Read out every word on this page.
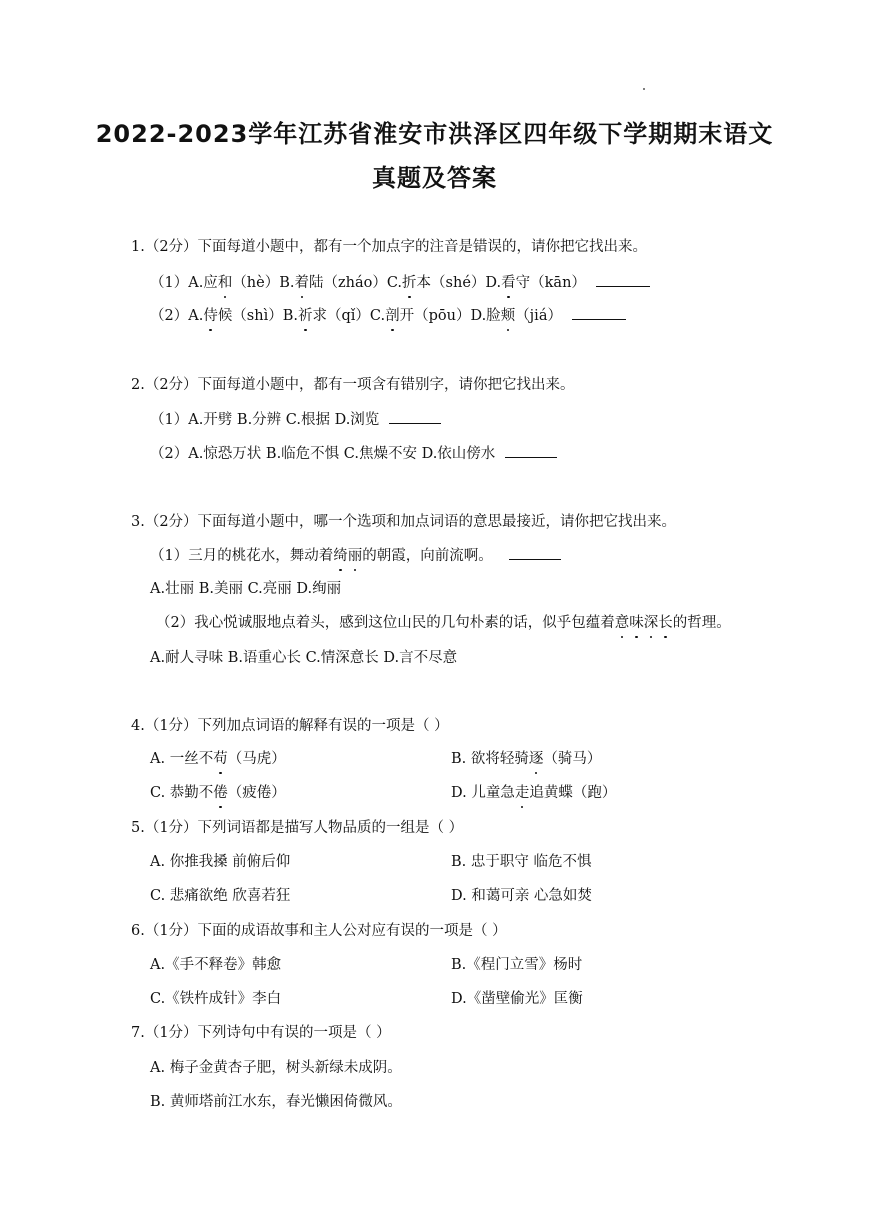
2022-2023学年江苏省淮安市洪泽区四年级下学期期末语文
真题及答案
1.（2分）下面每道小题中，都有一个加点字的注音是错误的，请你把它找出来。
（1）A.应和（hè）B.着陆（zháo）C.折本（shé）D.看守（kān）
（2）A.侍候（shì）B.祈求（qǐ）C.剖开（pōu）D.脸颊（jiá）
2.（2分）下面每道小题中，都有一项含有错别字，请你把它找出来。
（1）A.开劈 B.分辨 C.根据 D.浏览
（2）A.惊恐万状 B.临危不惧 C.焦燥不安 D.依山傍水
3.（2分）下面每道小题中，哪一个选项和加点词语的意思最接近，请你把它找出来。
（1）三月的桃花水，舞动着绮丽的朝霞，向前流啊。
A.壮丽 B.美丽 C.亮丽 D.绚丽
（2）我心悦诚服地点着头，感到这位山民的几句朴素的话，似乎包蕴着意味深长的哲理。
A.耐人寻味 B.语重心长 C.情深意长 D.言不尽意
4.（1分）下列加点词语的解释有误的一项是（ ）
A. 一丝不苟（马虎）	B. 欲将轻骑逐（骑马）
C. 恭勤不倦（疲倦）	D. 儿童急走追黄蝶（跑）
5.（1分）下列词语都是描写人物品质的一组是（ ）
A. 你推我搡 前俯后仰	B. 忠于职守 临危不惧
C. 悲痛欲绝 欣喜若狂	D. 和蔼可亲 心急如焚
6.（1分）下面的成语故事和主人公对应有误的一项是（ ）
A.《手不释卷》韩愈	B.《程门立雪》杨时
C.《铁杵成针》李白	D.《凿壁偷光》匡衡
7.（1分）下列诗句中有误的一项是（ ）
A. 梅子金黄杏子肥，树头新绿未成阴。
B. 黄师塔前江水东，春光懒困倚微风。
